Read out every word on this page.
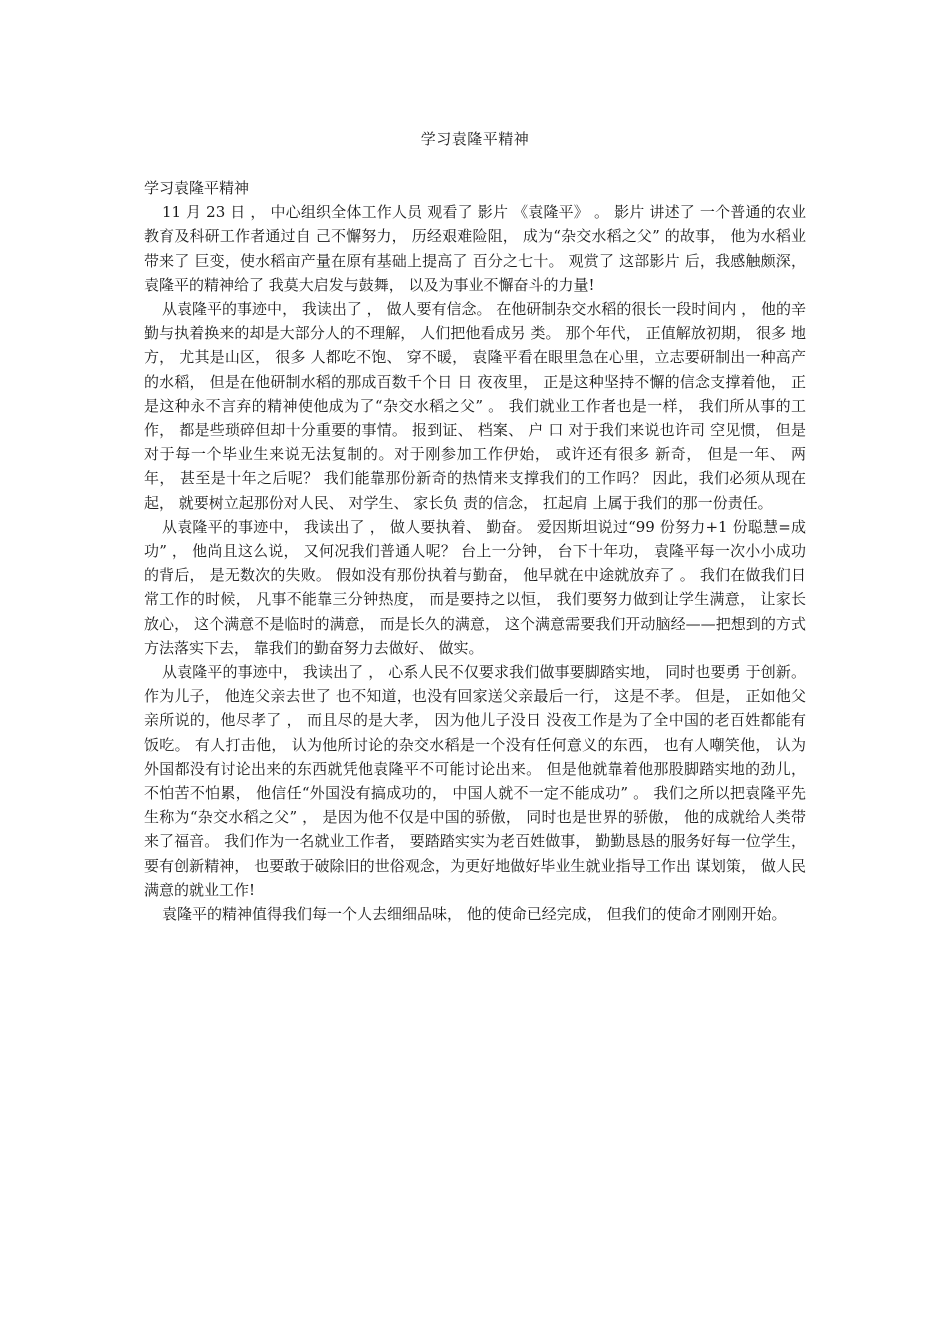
学习袁隆平精神

学习袁隆平精神

11 月 23 日 ， 中心组织全体工作人员 观看了 影片 《袁隆平》 。 影片 讲述了 一个普通的农业教育及科研工作者通过自 己不懈努力， 历经艰难险阻， 成为“杂交水稻之父” 的故事， 他为水稻业带来了 巨变，使水稻亩产量在原有基础上提高了 百分之七十。 观赏了 这部影片 后，我感触颇深， 袁隆平的精神给了 我莫大启发与鼓舞， 以及为事业不懈奋斗的力量!

从袁隆平的事迹中， 我读出了 ， 做人要有信念。 在他研制杂交水稻的很长一段时间内 ， 他的辛勤与执着换来的却是大部分人的不理解， 人们把他看成另 类。 那个年代， 正值解放初期， 很多 地方， 尤其是山区， 很多 人都吃不饱、 穿不暖， 袁隆平看在眼里急在心里，立志要研制出一种高产的水稻， 但是在他研制水稻的那成百数千个日 日 夜夜里， 正是这种坚持不懈的信念支撑着他， 正是这种永不言弃的精神使他成为了“杂交水稻之父” 。 我们就业工作者也是一样， 我们所从事的工作， 都是些琐碎但却十分重要的事情。 报到证、 档案、 户 口 对于我们来说也许司 空见惯， 但是对于每一个毕业生来说无法复制的。对于刚参加工作伊始， 或许还有很多 新奇， 但是一年、 两年， 甚至是十年之后呢？ 我们能靠那份新奇的热情来支撑我们的工作吗？ 因此，我们必须从现在起， 就要树立起那份对人民、 对学生、 家长负 责的信念， 扛起肩 上属于我们的那一份责任。

从袁隆平的事迹中， 我读出了 ， 做人要执着、 勤奋。 爱因斯坦说过“99 份努力+1 份聪慧=成功” ， 他尚且这么说， 又何况我们普通人呢？ 台上一分钟， 台下十年功， 袁隆平每一次小小成功的背后， 是无数次的失败。 假如没有那份执着与勤奋， 他早就在中途就放弃了 。 我们在做我们日 常工作的时候， 凡事不能靠三分钟热度， 而是要持之以恒， 我们要努力做到让学生满意， 让家长放心， 这个满意不是临时的满意， 而是长久的满意， 这个满意需要我们开动脑经——把想到的方式方法落实下去， 靠我们的勤奋努力去做好、 做实。

从袁隆平的事迹中， 我读出了 ， 心系人民不仅要求我们做事要脚踏实地， 同时也要勇 于创新。 作为儿子， 他连父亲去世了 也不知道，也没有回家送父亲最后一行， 这是不孝。 但是， 正如他父亲所说的，他尽孝了 ， 而且尽的是大孝， 因为他儿子没日 没夜工作是为了全中国的老百姓都能有饭吃。 有人打击他， 认为他所讨论的杂交水稻是一个没有任何意义的东西， 也有人嘲笑他， 认为外国都没有讨论出来的东西就凭他袁隆平不可能讨论出来。 但是他就靠着他那股脚踏实地的劲儿， 不怕苦不怕累， 他信任“外国没有搞成功的， 中国人就不一定不能成功” 。 我们之所以把袁隆平先生称为“杂交水稻之父” ， 是因为他不仅是中国的骄傲， 同时也是世界的骄傲， 他的成就给人类带来了福音。 我们作为一名就业工作者， 要踏踏实实为老百姓做事， 勤勤恳恳的服务好每一位学生， 要有创新精神， 也要敢于破除旧的世俗观念，为更好地做好毕业生就业指导工作出 谋划策， 做人民满意的就业工作!

袁隆平的精神值得我们每一个人去细细品味， 他的使命已经完成， 但我们的使命才刚刚开始。
